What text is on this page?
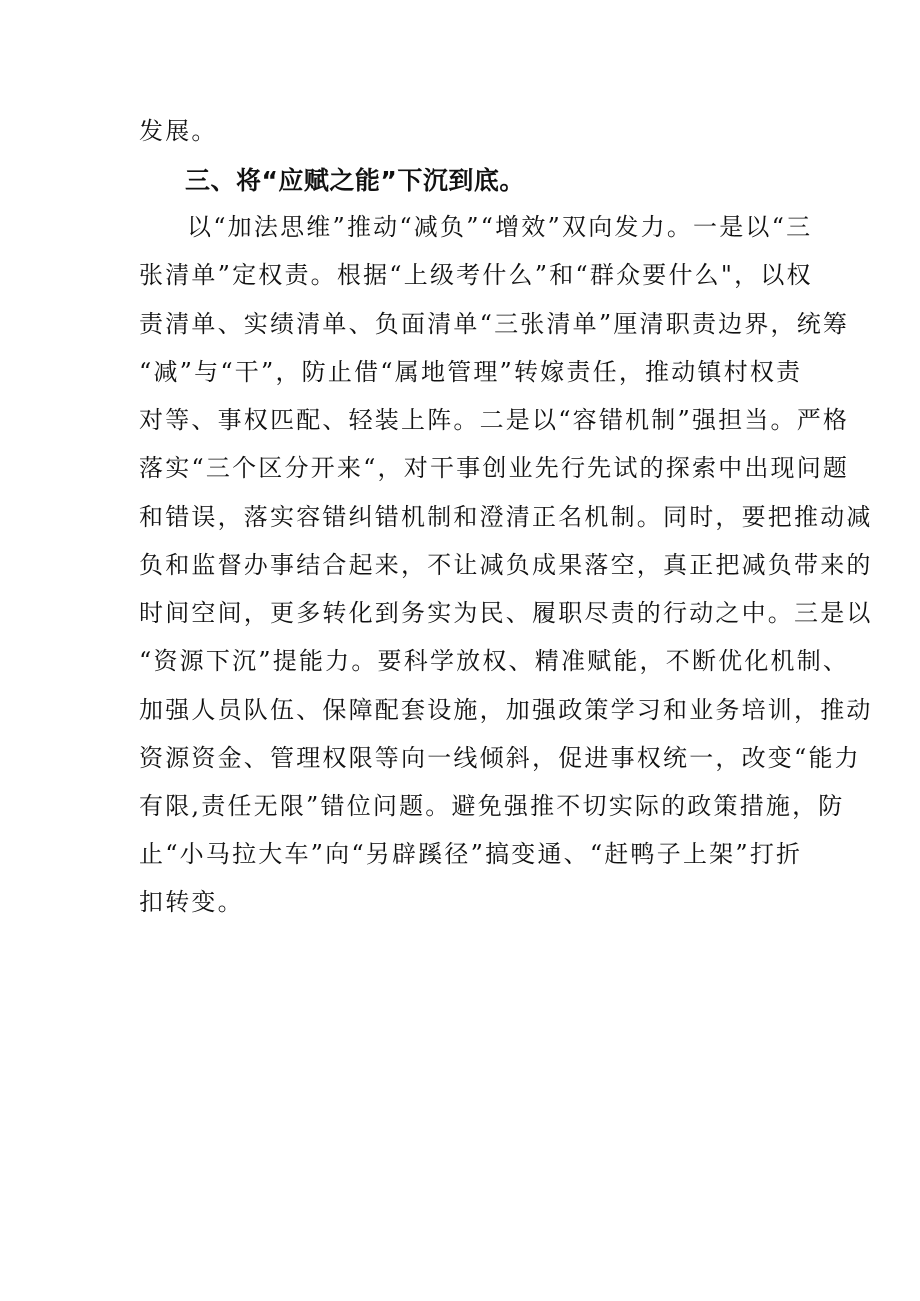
发展。
三、将“应赋之能”下沉到底。
以“加法思维”推动“减负”“增效”双向发力。一是以“三
张清单”定权责。根据“上级考什么”和“群众要什么"，以权
责清单、实绩清单、负面清单“三张清单”厘清职责边界，统筹
“减”与“干”，防止借“属地管理”转嫁责任，推动镇村权责
对等、事权匹配、轻装上阵。二是以“容错机制”强担当。严格
落实“三个区分开来“，对干事创业先行先试的探索中出现问题
和错误，落实容错纠错机制和澄清正名机制。同时，要把推动减
负和监督办事结合起来，不让减负成果落空，真正把减负带来的
时间空间，更多转化到务实为民、履职尽责的行动之中。三是以
“资源下沉”提能力。要科学放权、精准赋能，不断优化机制、
加强人员队伍、保障配套设施，加强政策学习和业务培训，推动
资源资金、管理权限等向一线倾斜，促进事权统一，改变“能力
有限,责任无限”错位问题。避免强推不切实际的政策措施，防
止“小马拉大车”向“另辟蹊径”搞变通、“赶鸭子上架”打折
扣转变。
